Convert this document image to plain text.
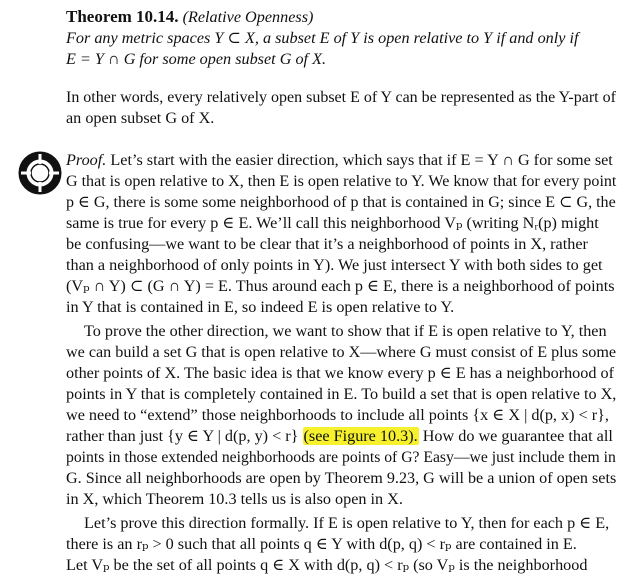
Theorem 10.14. (Relative Openness)
For any metric spaces Y ⊂ X, a subset E of Y is open relative to Y if and only if
E = Y ∩ G for some open subset G of X.
In other words, every relatively open subset E of Y can be represented as the Y-part of
an open subset G of X.
Proof. Let’s start with the easier direction, which says that if E = Y ∩ G for some set
G that is open relative to X, then E is open relative to Y. We know that for every point
p ∈ G, there is some some neighborhood of p that is contained in G; since E ⊂ G, the
same is true for every p ∈ E. We’ll call this neighborhood Vₚ (writing Nᵣ(p) might
be confusing—we want to be clear that it’s a neighborhood of points in X, rather
than a neighborhood of only points in Y). We just intersect Y with both sides to get
(Vₚ ∩ Y) ⊂ (G ∩ Y) = E. Thus around each p ∈ E, there is a neighborhood of points
in Y that is contained in E, so indeed E is open relative to Y.
To prove the other direction, we want to show that if E is open relative to Y, then
we can build a set G that is open relative to X—where G must consist of E plus some
other points of X. The basic idea is that we know every p ∈ E has a neighborhood of
points in Y that is completely contained in E. To build a set that is open relative to X,
we need to “extend” those neighborhoods to include all points {x ∈ X | d(p, x) < r},
rather than just {y ∈ Y | d(p, y) < r} (see Figure 10.3). How do we guarantee that all
points in those extended neighborhoods are points of G? Easy—we just include them in
G. Since all neighborhoods are open by Theorem 9.23, G will be a union of open sets
in X, which Theorem 10.3 tells us is also open in X.
Let’s prove this direction formally. If E is open relative to Y, then for each p ∈ E,
there is an rₚ > 0 such that all points q ∈ Y with d(p, q) < rₚ are contained in E.
Let Vₚ be the set of all points q ∈ X with d(p, q) < rₚ (so Vₚ is the neighborhood
